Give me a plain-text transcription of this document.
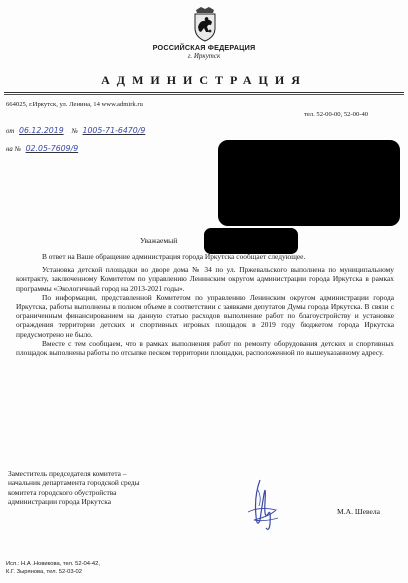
РОССИЙСКАЯ ФЕДЕРАЦИЯ
г. Иркутск
АДМИНИСТРАЦИЯ
664025, г.Иркутск, ул. Ленина, 14 www.admirk.ru
тел. 52-00-00, 52-00-40
от 06.12.2019 № 1005-71-6470/9
на № 02.05-7609/9
Уважаемый

В ответ на Ваше обращение администрация города Иркутска сообщает следующее.

Установка детской площадки во дворе дома № 34 по ул. Пржевальского выполнена по муниципальному контракту, заключенному Комитетом по управлению Ленинским округом администрации города Иркутска в рамках программы «Экологичный город на 2013-2021 годы».

По информации, представленной Комитетом по управлению Ленинским округом администрации города Иркутска, работы выполнены в полном объеме в соответствии с заявками депутатов Думы города Иркутска. В связи с ограниченным финансированием на данную статью расходов выполнение работ по благоустройству и установке ограждения территории детских и спортивных игровых площадок в 2019 году бюджетом города Иркутска предусмотрено не было.

Вместе с тем сообщаем, что в рамках выполнения работ по ремонту оборудования детских и спортивных площадок выполнены работы по отсыпке песком территории площадки, расположенной по вышеуказанному адресу.

Заместитель председателя комитета –
начальник департамента городской среды
комитета городского обустройства
администрации города Иркутска
М.А. Шевела
Исп.: Н.А .Новикова, тел. 52-04-42,
К.Г. Зырянова, тел. 52-03-02
